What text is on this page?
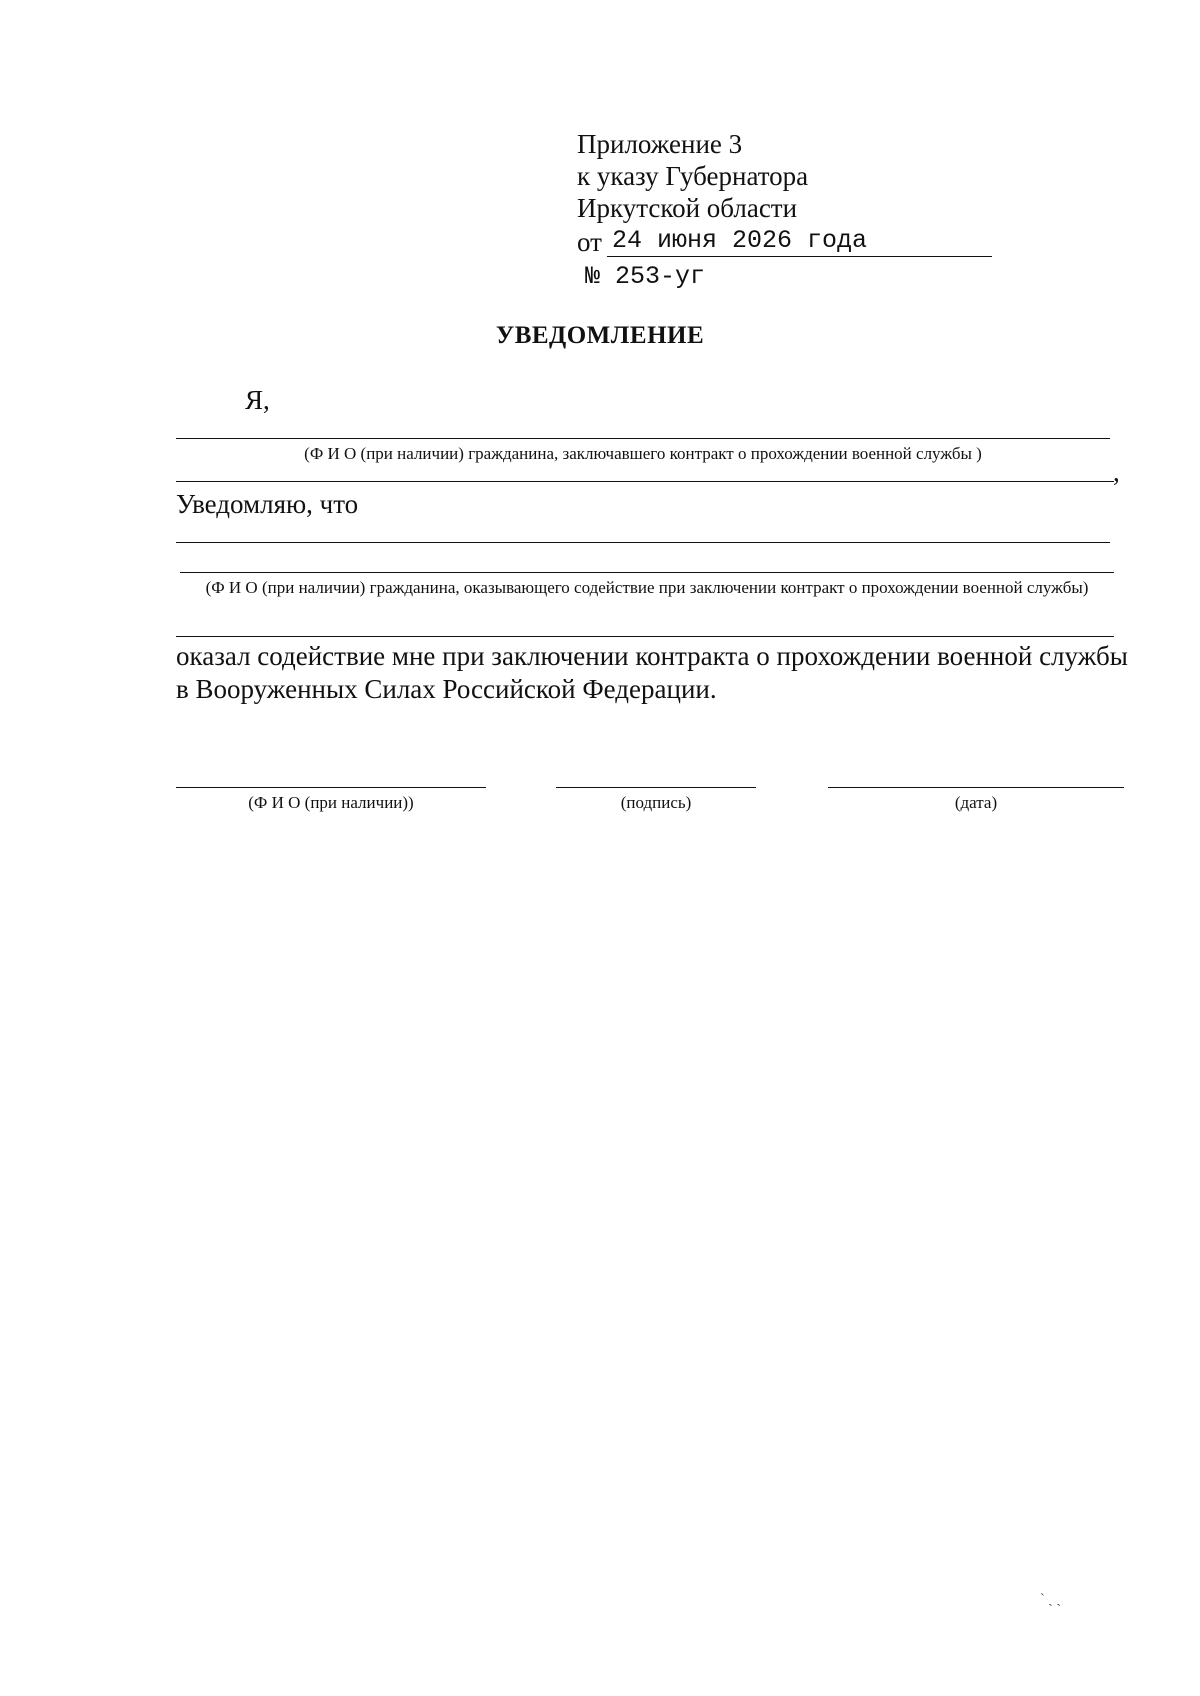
Приложение 3
к указу Губернатора
Иркутской области
от 24 июня 2026 года
№ 253-уг
УВЕДОМЛЕНИЕ
Я,
(Ф И О (при наличии) гражданина, заключавшего контракт о прохождении военной службы )
,
Уведомляю, что
(Ф И О (при наличии) гражданина, оказывающего содействие при заключении контракт о прохождении военной службы)
оказал содействие мне при заключении контракта о прохождении военной службы
в Вооруженных Силах Российской Федерации.
(Ф И О (при наличии))	(подпись)	(дата)
` ˎ ˎ
